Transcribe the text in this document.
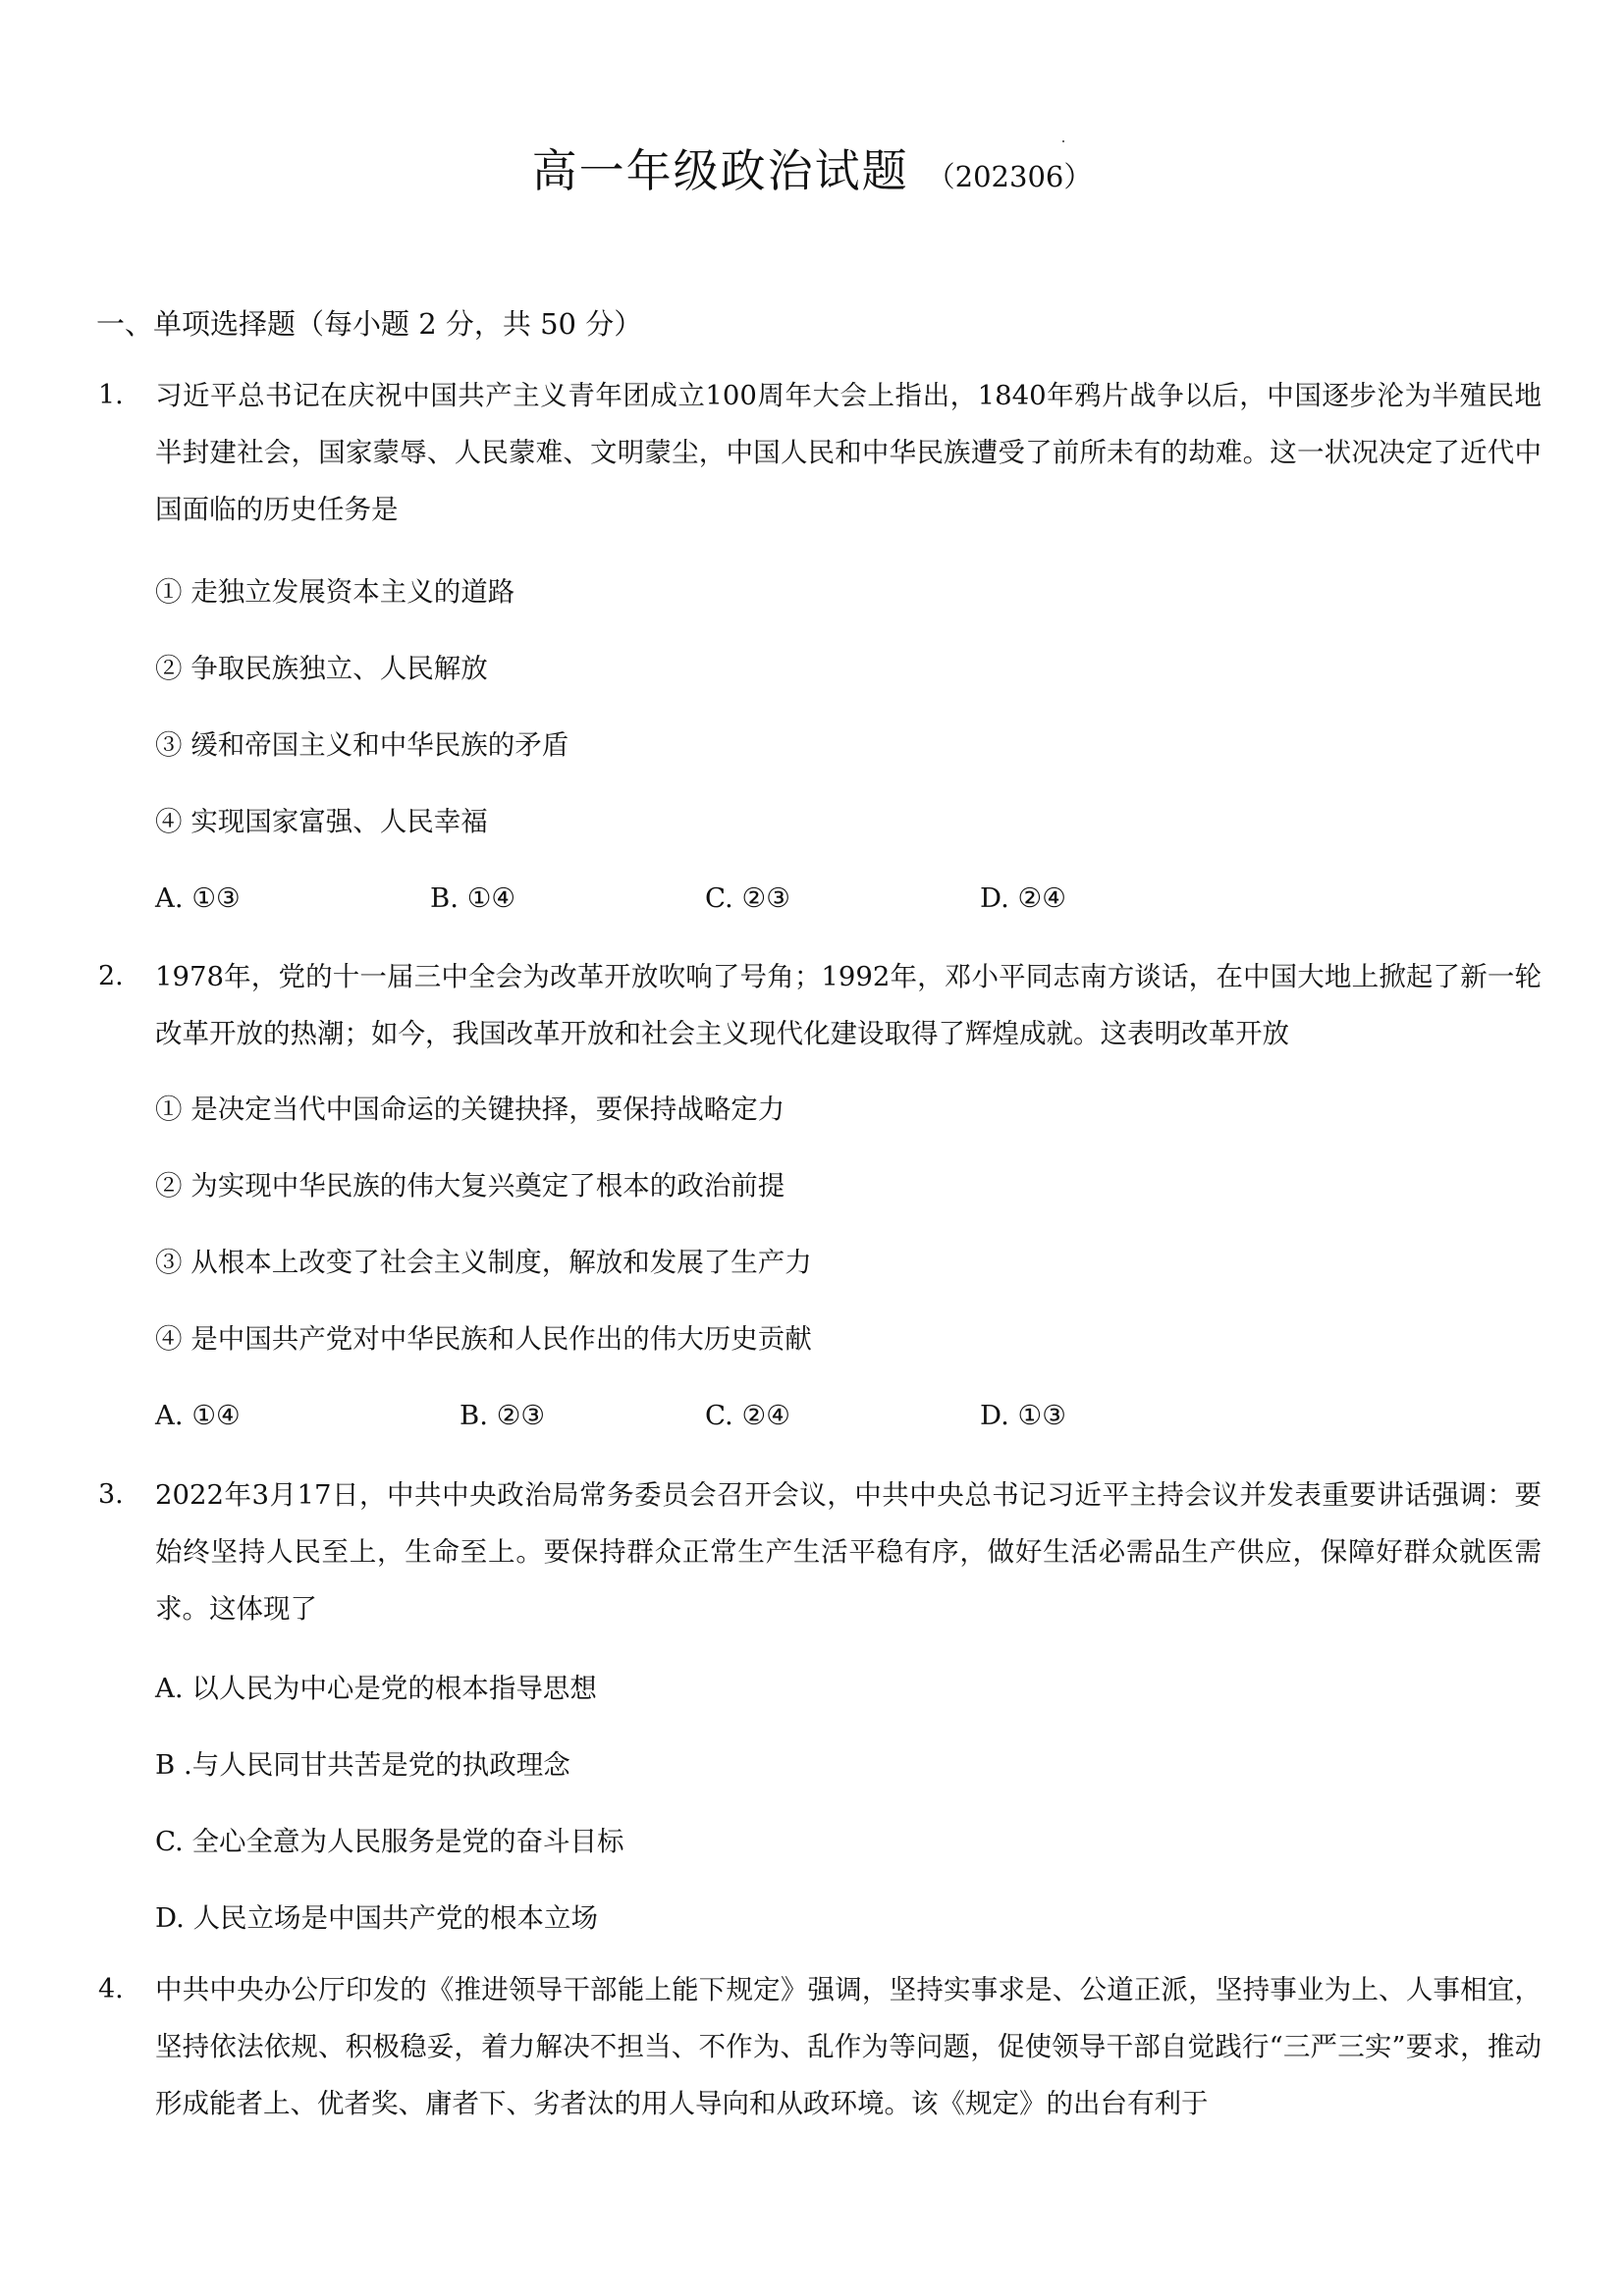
高一年级政治试题 （202306）
一、单项选择题（每小题 2 分，共 50 分）
1. 习近平总书记在庆祝中国共产主义青年团成立100周年大会上指出，1840年鸦片战争以后，中国逐步沦为半殖民地半封建社会，国家蒙辱、人民蒙难、文明蒙尘，中国人民和中华民族遭受了前所未有的劫难。这一状况决定了近代中国面临的历史任务是
① 走独立发展资本主义的道路
② 争取民族独立、人民解放
③ 缓和帝国主义和中华民族的矛盾
④ 实现国家富强、人民幸福
A. ①③	B. ①④	C. ②③	D. ②④
2. 1978年，党的十一届三中全会为改革开放吹响了号角；1992年，邓小平同志南方谈话，在中国大地上掀起了新一轮改革开放的热潮；如今，我国改革开放和社会主义现代化建设取得了辉煌成就。这表明改革开放
① 是决定当代中国命运的关键抉择，要保持战略定力
② 为实现中华民族的伟大复兴奠定了根本的政治前提
③ 从根本上改变了社会主义制度，解放和发展了生产力
④ 是中国共产党对中华民族和人民作出的伟大历史贡献
A. ①④	B. ②③	C. ②④	D. ①③
3. 2022年3月17日，中共中央政治局常务委员会召开会议，中共中央总书记习近平主持会议并发表重要讲话强调：要始终坚持人民至上，生命至上。要保持群众正常生产生活平稳有序，做好生活必需品生产供应，保障好群众就医需求。这体现了
A. 以人民为中心是党的根本指导思想
B .与人民同甘共苦是党的执政理念
C. 全心全意为人民服务是党的奋斗目标
D. 人民立场是中国共产党的根本立场
4. 中共中央办公厅印发的《推进领导干部能上能下规定》强调，坚持实事求是、公道正派，坚持事业为上、人事相宜，坚持依法依规、积极稳妥，着力解决不担当、不作为、乱作为等问题，促使领导干部自觉践行“三严三实”要求，推动形成能者上、优者奖、庸者下、劣者汰的用人导向和从政环境。该《规定》的出台有利于
